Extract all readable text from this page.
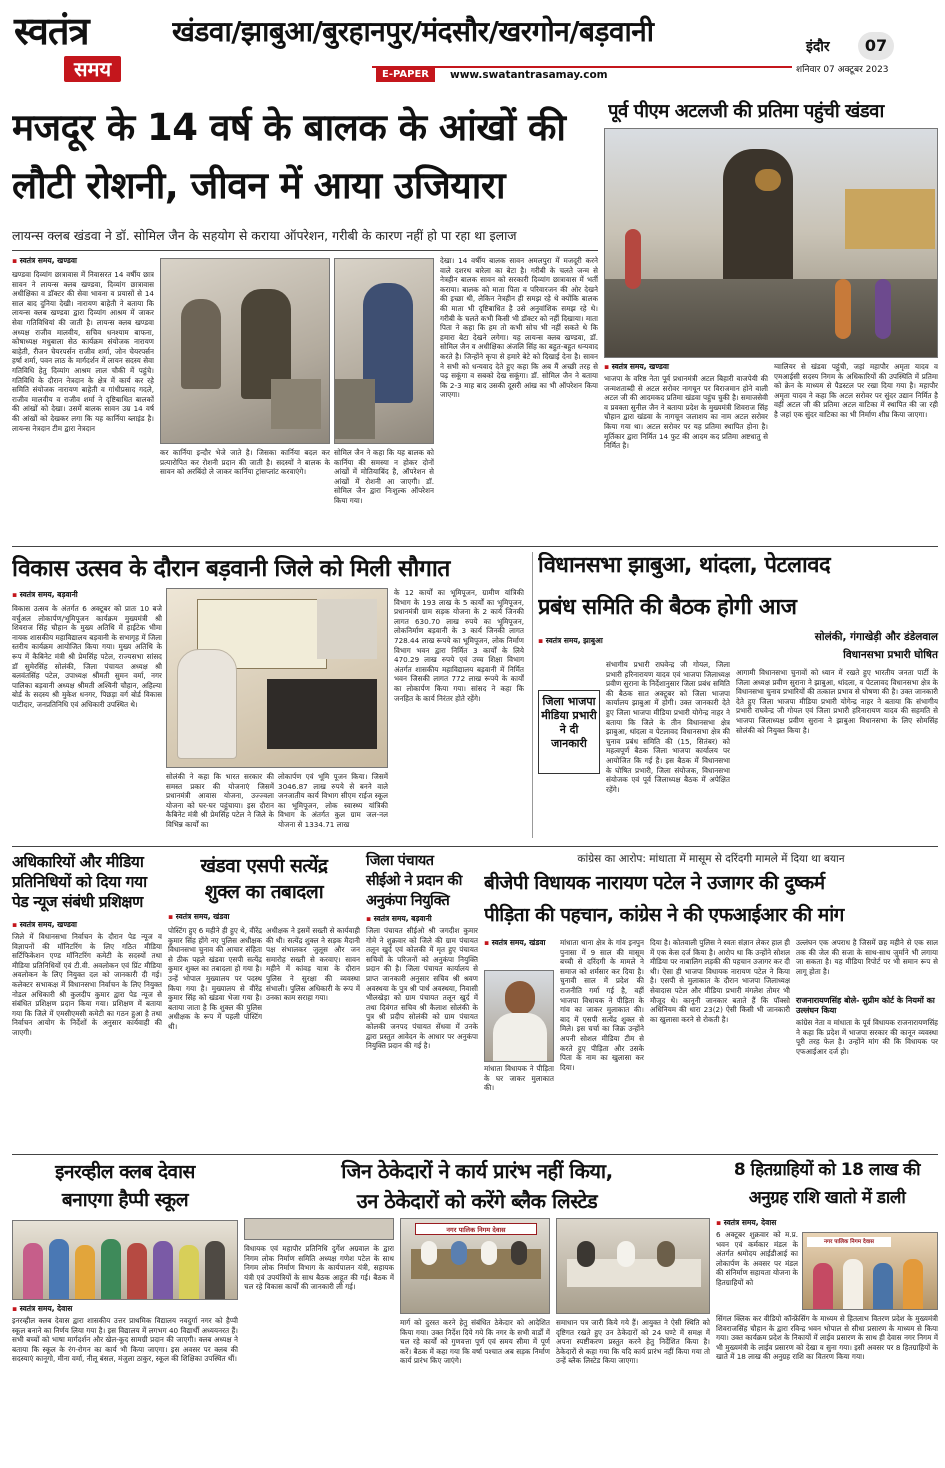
स्वतंत्र
समय
खंडवा/झाबुआ/बुरहानपुर/मंदसौर/खरगोन/बड़वानी
E-PAPER	www.swatantrasamay.com
इंदौर	07
शनिवार 07 अक्टूबर 2023
मजदूर के 14 वर्ष के बालक के आंखों की
लौटी रोशनी, जीवन में आया उजियारा
लायन्स क्लब खंडवा ने डॉ. सोमिल जैन के सहयोग से कराया ऑपरेशन, गरीबी के कारण नहीं हो पा रहा था इलाज
▪ स्वतंत्र समय, खण्डवा
खण्डवा दिव्यांग छात्रावास में निवासरत 14 वर्षीय छात्र सावन ने लायन्स क्लब खण्डवा, दिव्यांग छात्रावास अधीक्षिका व डॉक्टर की सेवा भावना व प्रयासों से 14 साल बाद दुनिया देखी। नारायण बाहेती ने बताया कि लायन्स क्लब खण्डवा द्वारा दिव्यांग आश्रम में जाकर सेवा गतिविधियां की जाती है। लायन्स क्लब खण्डवा अध्यक्ष राजीव मालवीय, सचिव धनश्याम बाफना, कोषाध्यक्ष मधुबाला सेठ कार्यक्रम संयोजक नारायण बाहेती, रीजन चेयरपर्सन राजीव शर्मा, जोन चेयरपर्सन हर्षा शर्मा, पवन लाठ के मार्गदर्शन में लायन सदस्य सेवा गतिविधि हेतु दिव्यांग आश्रम लाल चौकी में पहुंचे। गतिविधि के दौरान नेत्रदान के क्षेत्र में कार्य कर रहे समिति संयोजक नारायण बाहेती व गांधीप्रसाद गदले, राजीव मालवीय व राजीव शर्मा ने दृष्टिबाधित बालकों की आंखों को देखा। उसमें बालक सावन उम्र 14 वर्ष की आंखों को देखकर लगा कि यह कार्निया ब्लाइंड है। लायन्स नेत्रदान टीम द्वारा नेत्रदान
कर कार्निया इन्दौर भेजे जाते है। जिसका कार्निया बदल कर प्रत्यारोपित कर रोशनी प्रदान की जाती है। सदस्यों ने बालक के सावन को अरबिंदो ले जाकर कार्निया ट्रांसप्लांट करवाएंगे।
सोमिल जैन ने कहा कि यह बालक को कार्निया की समस्या न होकर दोनों आंखों में मोतियाबिंद है, ऑपरेशन से आंखों में रोशनी आ जाएगी। डॉ. सोमिल जैन द्वारा निःशुल्क ऑपरेशन किया गया।
देखा। 14 वर्षीय बालक सावन अमलपुरा में मजदूरी करने वाले दशरथ बारेला का बेटा है। गरीबी के चलते जन्म से नेत्रहीन बालक सावन को सरकारी दिव्यांग छात्रावास में भर्ती कराया। बालक को माता पिता व परिवारजन की ओर देखने की इच्छा थी, लेकिन नेत्रहीन ही समझ रहे थे क्योंकि बालक की माता भी दृष्टिबाधित है उसे अनुवांशिक समझ रहे थे। गरीबी के चलते कभी किसी भी डॉक्टर को नहीं दिखाया। माता पिता ने कहा कि हम तो कभी सोच भी नहीं सकते थे कि हमारा बेटा देखने लगेगा। यह लायन्स क्लब खण्डवा, डॉ. सोमिल जैन व अधीक्षिका अंजलि सिंह का बहुत-बहुत धन्यवाद करते है। जिन्होंने कृपा से हमारे बेटे को दिखाई देना है। सावन ने सभी को धन्यवाद देते हुए कहा कि अब मैं अच्छी तरह से पढ़ सकूंगा व सबको देख सकूंगा। डॉ. सोमिल जैन ने बताया कि 2-3 माह बाद उसकी दूसरी आंख का भी ऑपरेशन किया जाएगा।
पूर्व पीएम अटलजी की प्रतिमा पहुंची खंडवा
▪ स्वतंत्र समय, खण्डवा
भाजपा के वरिष्ठ नेता पूर्व प्रधानमंत्री अटल बिहारी वाजपेयी की जन्मशताब्दी से अटल सरोवर नागचून पर विराजमान होने वाली अटल जी की आदमकद प्रतिमा खंडवा पहुंच चुकी है। समाजसेवी व प्रवक्ता सुनील जैन ने बताया प्रदेश के मुख्यमंत्री शिवराज सिंह चौहान द्वारा खंडवा के नागचून जलाशय का नाम अटल सरोवर किया गया था। अटल सरोवर पर यह प्रतिमा स्थापित होना है। मूर्तिकार द्वारा निर्मित 14 फुट की आदम कद प्रतिमा अष्टधातु से निर्मित है।
ग्वालियर से खंडवा पहुंची, जहां महापौर अमृता यादव व एमआईसी सदस्य निगम के अधिकारियों की उपस्थिति में प्रतिमा को क्रेन के माध्यम से पैडस्टल पर रखा दिया गया है। महापौर अमृता यादव ने कहा कि अटल सरोवर पर सुंदर उद्यान निर्मित है वहीं अटल जी की प्रतिमा अटल वाटिका में स्थापित की जा रही है जहां एक सुंदर वाटिका का भी निर्माण शीघ्र किया जाएगा।
विकास उत्सव के दौरान बड़वानी जिले को मिली सौगात
▪ स्वतंत्र समय, बड़वानी
विकास उत्सव के अंतर्गत 6 अक्टूबर को प्रातः 10 बजे वर्चुअल लोकार्पण/भूमिपूजन कार्यक्रम मुख्यमंत्री श्री शिवराज सिंह चौहान के मुख्य अतिथि में हाईटेक भीमा नायक शासकीय महाविद्यालय बड़वानी के सभागृह में जिला स्तरीय कार्यक्रम आयोजित किया गया। मुख्य अतिथि के रूप में कैबिनेट मंत्री श्री प्रेमसिंह पटेल, राज्यसभा सांसद डॉ सुमेरसिंह सोलंकी, जिला पंचायत अध्यक्ष श्री बलवंतसिंह पटेल, उपाध्यक्ष श्रीमती सुमन वर्मा, नगर पालिका बड़वानी अध्यक्ष श्रीमती अश्विनी चौहान, अहिल्या बोर्ड के सदस्य श्री मुकेश धनगर, पिछड़ा वर्ग बोर्ड विकास पाटीदार, जनप्रतिनिधि एवं अधिकारी उपस्थित थे।
सोलंकी ने कहा कि भारत सरकार की समस्त प्रकार की योजनाएं जिसमें प्रधानमंत्री आवास योजना, उज्ज्वला योजना को घर-घर पहुंचाया। इस दौरान कैबिनेट मंत्री श्री प्रेमसिंह पटेल ने जिले के विभिन्न कार्यों का
लोकार्पण एवं भूमि पूजन किया। जिसमें 3046.87 लाख रुपये से बनने वाले जनजातीय कार्य विभाग सीएम राईज स्कूल का भूमिपूजन, लोक स्वास्थ्य यांत्रिकी विभाग के अंतर्गत कुल ग्राम जल-नल योजना से 1334.71 लाख
के 12 कार्यों का भूमिपूजन, ग्रामीण यांत्रिकी विभाग के 193 लाख के 5 कार्यों का भूमिपूजन, प्रधानमंत्री ग्राम सड़क योजना के 2 कार्य जिनकी लागत 630.70 लाख रुपये का भूमिपूजन, लोकनिर्माण बड़वानी के 3 कार्य जिनकी लागत 728.44 लाख रूपये का भूमिपूजन, लोक निर्माण विभाग भवन द्वारा निर्मित 3 कार्यों के लिये 470.29 लाख रुपये एवं उच्च शिक्षा विभाग अंतर्गत शासकीय महाविद्यालय बड़वानी में निर्मित भवन जिसकी लागत 772 लाख रूपये के कार्यों का लोकार्पण किया गया। सांसद ने कहा कि जनहित के कार्य निरंतर होते रहेंगे।
विधानसभा झाबुआ, थांदला, पेटलावद
प्रबंध समिति की बैठक होगी आज
सोलंकी, गंगाखेड़ी और डंडेलवाल
विधानसभा प्रभारी घोषित
▪ स्वतंत्र समय, झाबुआ
जिला भाजपा मीडिया प्रभारी ने दी जानकारी
संभागीय प्रभारी राघवेन्द्र जी गोयल, जिला प्रभारी हरिनारायण यादव एवं भाजपा जिलाध्यक्ष प्रवीण सुराना के निर्देशानुसार जिला प्रबंध समिति की बैठक सात अक्टूबर को जिला भाजपा कार्यालय झाबुआ में होगी। उक्त जानकारी देते हुए जिला भाजपा मीडिया प्रभारी योगेन्द्र नाहर ने बताया कि जिले के तीन विधानसभा क्षेत्र झाबुआ, थांदला व पेटलावद विधानसभा क्षेत्र की चुनाव प्रबंध समिति की (15, सितंबर) को महत्वपूर्ण बैठक जिला भाजपा कार्यालय पर आयोजित कि गई है। इस बैठक में विधानसभा के घोषित प्रभारी, जिला संयोजक, विधानसभा संयोजक एवं पूर्व जिलाध्यक्ष बैठक में अपेक्षित रहेंगे।
आगामी विधानसभा चुनावों को ध्यान में रखते हुए भारतीय जनता पार्टी के जिला अध्यक्ष प्रवीण सुराना ने झाबुआ, थांदला, व पेटलावद विधानसभा क्षेत्र के विधानसभा चुनाव प्रभारियों की तत्काल प्रभाव से घोषणा की है। उक्त जानकारी देते हुए जिला भाजपा मीडिया प्रभारी योगेन्द्र नाहर ने बताया कि संभागीय प्रभारी राघवेन्द्र जी गोयल एवं जिला प्रभारी हरिनारायण यादव की सहमति से भाजपा जिलाध्यक्ष प्रवीण सुराना ने झाबुआ विधानसभा के लिए सोमसिंह सोलंकी को नियुक्त किया है।
अधिकारियों और मीडिया प्रतिनिधियों को दिया गया पेड न्यूज संबंधी प्रशिक्षण
▪ स्वतंत्र समय, खण्डवा
जिले में विधानसभा निर्वाचन के दौरान पेड न्यूज व विज्ञापनों की मॉनिटरिंग के लिए गठित मीडिया सर्टिफिकेशन एण्ड मॉनिटरिंग कमेटी के सदस्यों तथा मीडिया प्रतिनिधियों एवं टी.वी. अवलोकन एवं प्रिंट मीडिया अवलोकन के लिए नियुक्त दल को जानकारी दी गई। कलेक्टर सभाकक्ष में विधानसभा निर्वाचन के लिए नियुक्त नोडल अधिकारी श्री कुलदीप कुमार द्वारा पेड न्यूज से संबंधित प्रशिक्षण प्रदान किया गया। प्रशिक्षण में बताया गया कि जिले में एमसीएमसी कमेटी का गठन हुआ है तथा निर्वाचन आयोग के निर्देशों के अनुसार कार्यवाही की जाएगी।
खंडवा एसपी सत्येंद्र
शुक्ल का तबादला
▪ स्वतंत्र समय, खंडवा
पोस्टिंग हुए 6 महीने ही हुए थे, वीरेंद्र कुमार सिंह होंगे नए पुलिस अधीक्षक विधानसभा चुनाव की आचार संहिता से ठीक पहले खंडवा एसपी सत्येंद्र कुमार शुक्ल का तबादला हो गया है। उन्हें भोपाल मुख्यालय पर पदस्थ किया गया है। मुख्यालय से वीरेंद्र कुमार सिंह को खंडवा भेजा गया है। बताया जाता है कि शुक्ल की पुलिस अधीक्षक के रूप में पहली पोस्टिंग थी।
अधीक्षक ने इसमें सख्ती से कार्यवाही की थी। सत्येंद्र शुक्ल ने सड़क मैदानी पक्ष संभालकर जुलूस और जन समारोह सख्ती से करवाए। सावन महीने में कांवड़ यात्रा के दौरान पुलिस ने सुरक्षा की व्यवस्था संभाली। पुलिस अधिकारी के रूप में उनका काम सराहा गया।
जिला पंचायत
सीईओ ने प्रदान की
अनुकंपा नियुक्ति
▪ स्वतंत्र समय, बड़वानी
जिला पंचायत सीईओ श्री जगदीश कुमार गोमे ने शुक्रवार को जिले की ग्राम पंचायत तलून खुर्द एवं कोलकी में मृत हुए पंचायत सचिवों के परिजनों को अनुकंपा नियुक्ति प्रदान की है। जिला पंचायत कार्यालय से प्राप्त जानकारी अनुसार सचिव श्री श्रवण अवस्थया के पुत्र श्री पार्थ अवस्थया, निवासी भीलखेड़ा को ग्राम पंचायत तलून खुर्द में तथा दिवंगत सचिव श्री कैलाश सोलंकी के पुत्र श्री प्रदीप सोलंकी को ग्राम पंचायत कोलकी जनपद पंचायत सेंधवा में उनके द्वारा प्रस्तुत आवेदन के आधार पर अनुकंपा नियुक्ति प्रदान की गई है।
कांग्रेस का आरोप: मांधाता में मासूम से दरिंदगी मामले में दिया था बयान
बीजेपी विधायक नारायण पटेल ने उजागर की दुष्कर्म
पीड़िता की पहचान, कांग्रेस ने की एफआईआर की मांग
▪ स्वतंत्र समय, खंडवा
मांधाता विधायक ने पीड़िता के घर जाकर मुलाकात की।
मांधाता थाना क्षेत्र के गांव इनपुन पुनासा में 9 साल की मासूम बच्ची से दरिंदगी के मामले ने समाज को शर्मसार कर दिया है। चुनावी साल में प्रदेश की राजनीति गर्मा गई है, वहीं भाजपा विधायक ने पीड़िता के गांव का जाकर मुलाकात की। बाद में एसपी सत्येंद्र शुक्ल से मिले। इस चर्चा का जिक्र उन्होंने अपनी सोशल मीडिया टीम से करते हुए पीड़िता और उसके पिता के नाम का खुलासा कर दिया।
दिया है। कोतवाली पुलिस ने स्वतः संज्ञान लेकर हाल ही में एक केस दर्ज किया है। आरोप था कि उन्होंने सोशल मीडिया पर नाबालिग लड़की की पहचान उजागर कर दी थी। ऐसा ही भाजपा विधायक नारायण पटेल ने किया है। एसपी से मुलाकात के दौरान भाजपा जिलाध्यक्ष सेवादास पटेल और मीडिया प्रभारी मंगलेश तोमर भी मौजूद थे। कानूनी जानकार बताते हैं कि पॉक्सो अधिनियम की धारा 23(2) ऐसी किसी भी जानकारी का खुलासा करने से रोकती है।
उल्लंघन एक अपराध है जिसमें छह महीने से एक साल तक की जेल की सजा के साथ-साथ जुर्माने भी लगाया जा सकता है। यह मीडिया रिपोर्ट पर भी समान रूप से लागू होता है।
राजनारायणसिंह बोले- सुप्रीम कोर्ट के नियमों का उल्लंघन किया
कांग्रेस नेता व मांधाता के पूर्व विधायक राजनारायणसिंह ने कहा कि प्रदेश में भाजपा सरकार की कानून व्यवस्था पूरी तरह फेल है। उन्होंने मांग की कि विधायक पर एफआईआर दर्ज हो।
इनरव्हील क्लब देवास
बनाएगा हैप्पी स्कूल
▪ स्वतंत्र समय, देवास
इनरव्हील क्लब देवास द्वारा शासकीय उत्तर प्राथमिक विद्यालय नवदुर्गा नगर को हैप्पी स्कूल बनाने का निर्णय लिया गया है। इस विद्यालय में लगभग 40 विद्यार्थी अध्ययनरत हैं। सभी बच्चों को भाषा मार्गदर्शन और खेल-कूद सामग्री प्रदान की जाएगी। क्लब अध्यक्ष ने बताया कि स्कूल के रंग-रोगन का कार्य भी किया जाएगा। इस अवसर पर क्लब की सदस्याएं कानूगो, मीना वर्मा, नीलू बंसल, मंजुला ठाकुर, स्कूल की शिक्षिका उपस्थित थीं।
जिन ठेकेदारों ने कार्य प्रारंभ नहीं किया,
उन ठेकेदारों को करेंगे ब्लैक लिस्टेड
विधायक एवं महापौर प्रतिनिधि दुर्गेश अग्रवाल के द्वारा निगम लोक निर्माण समिति अध्यक्ष गणेश पटेल के साथ निगम लोक निर्माण विभाग के कार्यपालन यंत्री, सहायक यंत्री एवं उपयंत्रियों के साथ बैठक आहूत की गई। बैठक में चल रहे विकास कार्यों की जानकारी ली गई।
नगर पालिक निगम देवास
मार्ग को दुरस्त करने हेतु संबंधित ठेकेदार को आदेशित किया गया। उक्त निर्देश दिये गये कि नगर के सभी वार्डों में चल रहे कार्यों को गुणवत्ता पूर्ण एवं समय सीमा में पूर्ण करें। बैठक में कहा गया कि वर्षा पश्चात अब सड़क निर्माण कार्य प्रारंभ किए जाएंगे।
समाधान पत्र जारी किये गये हैं। आयुक्त ने ऐसी स्थिति को दृष्टिगत रखते हुए उन ठेकेदारों को 24 घण्टे में समक्ष में अपना स्पष्टीकरण प्रस्तुत करने हेतु निर्देशित किया है। ठेकेदारों से कहा गया कि यदि कार्य प्रारंभ नहीं किया गया तो उन्हें ब्लैक लिस्टेड किया जाएगा।
8 हितग्राहियों को 18 लाख की
अनुग्रह राशि खातो में डाली
▪ स्वतंत्र समय, देवास
6 अक्टूबर शुक्रवार को म.प्र. भवन एवं कर्मकार मंडल के अंतर्गत श्रमोदय आईडीआई का लोकार्पण के अवसर पर मंडल की संनिर्माण सहायता योजना के हितग्राहियों को
नगर पालिक निगम देवास
सिंगल क्लिक कर वीडियो कॉन्फ्रेंसिंग के माध्यम से हितलाभ वितरण प्रदेश के मुख्यमंत्री शिवराजसिंह चौहान के द्वारा रविन्द्र भवन भोपाल से सीधा प्रसारण के माध्यम से किया गया। उक्त कार्यक्रम प्रदेश के निकायों में लाईव प्रसारण के साथ ही देवास नगर निगम में भी मुख्यमंत्री के लाईव प्रसारण को देखा व सुना गया। इसी अवसर पर 8 हितग्राहियों के खाते में 18 लाख की अनुग्रह राशि का वितरण किया गया।
